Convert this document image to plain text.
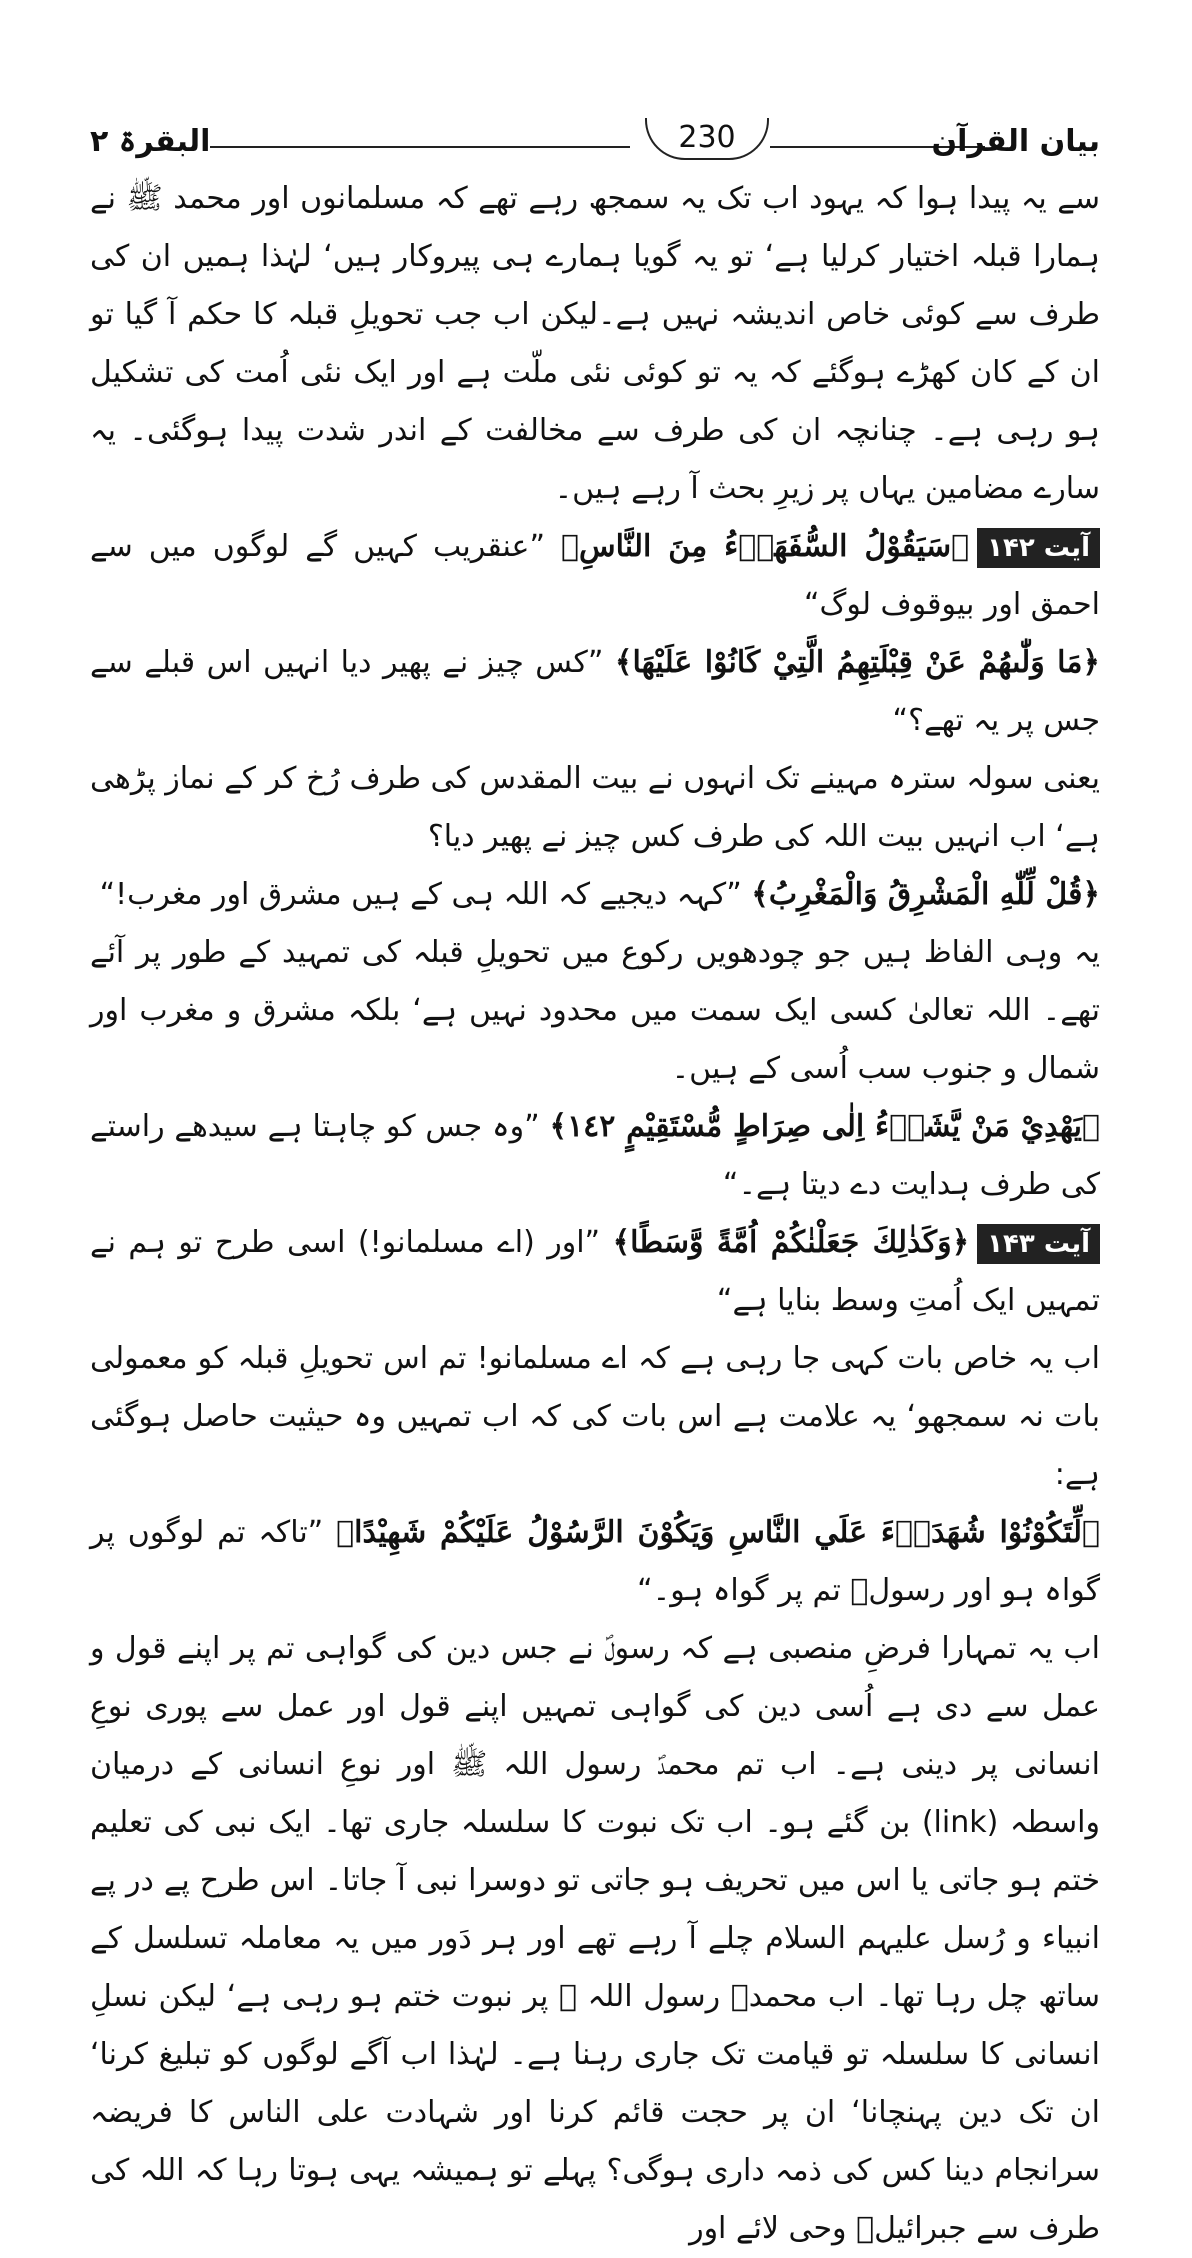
البقرۃ ۲	230	بیان القرآن

سے یہ پیدا ہوا کہ یہود اب تک یہ سمجھ رہے تھے کہ مسلمانوں اور محمد ﷺ نے ہمارا قبلہ اختیار کرلیا ہے‘ تو یہ گویا ہمارے ہی پیروکار ہیں‘ لہٰذا ہمیں ان کی طرف سے کوئی خاص اندیشہ نہیں ہے۔لیکن اب جب تحویلِ قبلہ کا حکم آ گیا تو ان کے کان کھڑے ہوگئے کہ یہ تو کوئی نئی ملّت ہے اور ایک نئی اُمت کی تشکیل ہو رہی ہے۔ چنانچہ ان کی طرف سے مخالفت کے اندر شدت پیدا ہوگئی۔ یہ سارے مضامین یہاں پر زیرِ بحث آ رہے ہیں۔

آیت ۱۴۲﴿سَيَقُوْلُ السُّفَهَاۗءُ مِنَ النَّاسِ﴾ ”عنقریب کہیں گے لوگوں میں سے احمق اور بیوقوف لوگ“

﴿مَا وَلّٰىهُمْ عَنْ قِبْلَتِهِمُ الَّتِيْ كَانُوْا عَلَيْهَا﴾ ”کس چیز نے پھیر دیا انہیں اس قبلے سے جس پر یہ تھے؟“

یعنی سولہ سترہ مہینے تک انہوں نے بیت المقدس کی طرف رُخ کر کے نماز پڑھی ہے‘ اب انہیں بیت اللہ کی طرف کس چیز نے پھیر دیا؟

﴿قُلْ لِّلّٰهِ الْمَشْرِقُ وَالْمَغْرِبُ﴾ ”کہہ دیجیے کہ اللہ ہی کے ہیں مشرق اور مغرب!“

یہ وہی الفاظ ہیں جو چودھویں رکوع میں تحویلِ قبلہ کی تمہید کے طور پر آئے تھے۔ اللہ تعالیٰ کسی ایک سمت میں محدود نہیں ہے‘ بلکہ مشرق و مغرب اور شمال و جنوب سب اُسی کے ہیں۔

﴿يَهْدِيْ مَنْ يَّشَاۗءُ اِلٰى صِرَاطٍ مُّسْتَقِيْمٍ ١٤٢﴾ ”وہ جس کو چاہتا ہے سیدھے راستے کی طرف ہدایت دے دیتا ہے۔“

آیت ۱۴۳﴿وَكَذٰلِكَ جَعَلْنٰكُمْ اُمَّةً وَّسَطًا﴾ ”اور (اے مسلمانو!) اسی طرح تو ہم نے تمہیں ایک اُمتِ وسط بنایا ہے“

اب یہ خاص بات کہی جا رہی ہے کہ اے مسلمانو! تم اس تحویلِ قبلہ کو معمولی بات نہ سمجھو‘ یہ علامت ہے اس بات کی کہ اب تمہیں وہ حیثیت حاصل ہوگئی ہے:

﴿لِّتَكُوْنُوْا شُهَدَاۗءَ عَلَي النَّاسِ وَيَكُوْنَ الرَّسُوْلُ عَلَيْكُمْ شَهِيْدًا﴾ ”تاکہ تم لوگوں پر گواہ ہو اور رسولؐ تم پر گواہ ہو۔“

اب یہ تمہارا فرضِ منصبی ہے کہ رسولؐ نے جس دین کی گواہی تم پر اپنے قول و عمل سے دی ہے اُسی دین کی گواہی تمہیں اپنے قول اور عمل سے پوری نوعِ انسانی پر دینی ہے۔ اب تم محمدؐ رسول اللہ ﷺ اور نوعِ انسانی کے درمیان واسطہ (link) بن گئے ہو۔ اب تک نبوت کا سلسلہ جاری تھا۔ ایک نبی کی تعلیم ختم ہو جاتی یا اس میں تحریف ہو جاتی تو دوسرا نبی آ جاتا۔ اس طرح پے در پے انبیاء و رُسل علیہم السلام چلے آ رہے تھے اور ہر دَور میں یہ معاملہ تسلسل کے ساتھ چل رہا تھا۔ اب محمدؐ رسول اللہ ﷺ پر نبوت ختم ہو رہی ہے‘ لیکن نسلِ انسانی کا سلسلہ تو قیامت تک جاری رہنا ہے۔ لہٰذا اب آگے لوگوں کو تبلیغ کرنا‘ ان تک دین پہنچانا‘ ان پر حجت قائم کرنا اور شہادت علی الناس کا فریضہ سرانجام دینا کس کی ذمہ داری ہوگی؟ پہلے تو ہمیشہ یہی ہوتا رہا کہ اللہ کی طرف سے جبرائیلؑ وحی لائے اور
